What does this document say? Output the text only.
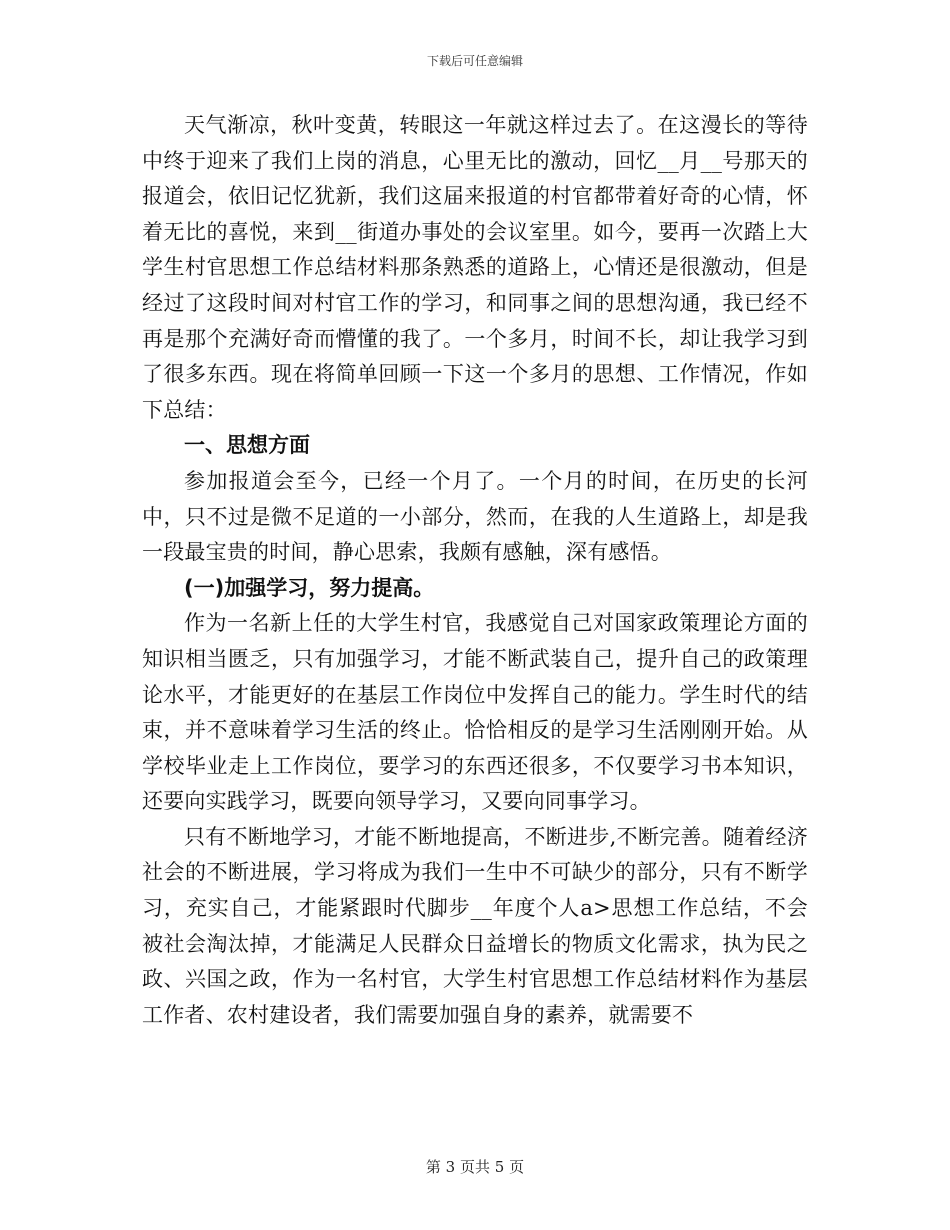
下载后可任意编辑

天气渐凉，秋叶变黄，转眼这一年就这样过去了。在这漫长的等待中终于迎来了我们上岗的消息，心里无比的激动，回忆__月__号那天的报道会，依旧记忆犹新，我们这届来报道的村官都带着好奇的心情，怀着无比的喜悦，来到__街道办事处的会议室里。如今，要再一次踏上大学生村官思想工作总结材料那条熟悉的道路上，心情还是很激动，但是经过了这段时间对村官工作的学习，和同事之间的思想沟通，我已经不再是那个充满好奇而懵懂的我了。一个多月，时间不长，却让我学习到了很多东西。现在将简单回顾一下这一个多月的思想、工作情况，作如下总结：

一、思想方面

参加报道会至今，已经一个月了。一个月的时间，在历史的长河中，只不过是微不足道的一小部分，然而，在我的人生道路上，却是我一段最宝贵的时间，静心思索，我颇有感触，深有感悟。

(一)加强学习，努力提高。

作为一名新上任的大学生村官，我感觉自己对国家政策理论方面的知识相当匮乏，只有加强学习，才能不断武装自己，提升自己的政策理论水平，才能更好的在基层工作岗位中发挥自己的能力。学生时代的结束，并不意味着学习生活的终止。恰恰相反的是学习生活刚刚开始。从学校毕业走上工作岗位，要学习的东西还很多，不仅要学习书本知识，还要向实践学习，既要向领导学习，又要向同事学习。

只有不断地学习，才能不断地提高，不断进步,不断完善。随着经济社会的不断进展，学习将成为我们一生中不可缺少的部分，只有不断学习，充实自己，才能紧跟时代脚步__年度个人a>思想工作总结，不会被社会淘汰掉，才能满足人民群众日益增长的物质文化需求，执为民之政、兴国之政，作为一名村官，大学生村官思想工作总结材料作为基层工作者、农村建设者，我们需要加强自身的素养，就需要不

第 3 页共 5 页
